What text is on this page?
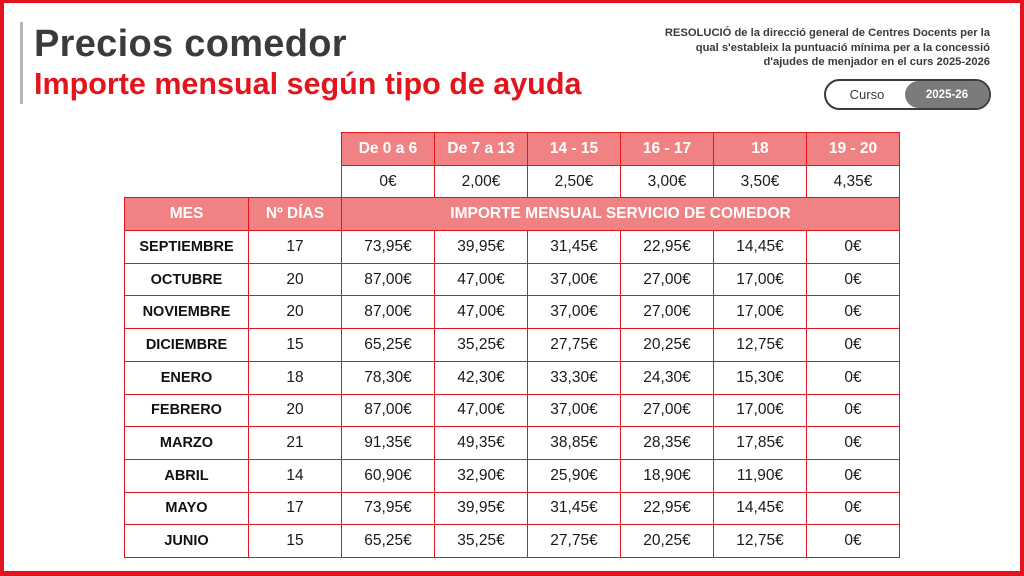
Precios comedor
Importe mensual según tipo de ayuda
RESOLUCIÓ de la direcció general de Centres Docents per la qual s'estableix la puntuació mínima per a la concessió d'ajudes de menjador en el curs 2025-2026
Curso	2025-26
		De 0 a 6	De 7 a 13	14 - 15	16 - 17	18	19 - 20
		0€	2,00€	2,50€	3,00€	3,50€	4,35€
MES	Nº DÍAS	IMPORTE MENSUAL SERVICIO DE COMEDOR					
SEPTIEMBRE	17	73,95€	39,95€	31,45€	22,95€	14,45€	0€
OCTUBRE	20	87,00€	47,00€	37,00€	27,00€	17,00€	0€
NOVIEMBRE	20	87,00€	47,00€	37,00€	27,00€	17,00€	0€
DICIEMBRE	15	65,25€	35,25€	27,75€	20,25€	12,75€	0€
ENERO	18	78,30€	42,30€	33,30€	24,30€	15,30€	0€
FEBRERO	20	87,00€	47,00€	37,00€	27,00€	17,00€	0€
MARZO	21	91,35€	49,35€	38,85€	28,35€	17,85€	0€
ABRIL	14	60,90€	32,90€	25,90€	18,90€	11,90€	0€
MAYO	17	73,95€	39,95€	31,45€	22,95€	14,45€	0€
JUNIO	15	65,25€	35,25€	27,75€	20,25€	12,75€	0€
